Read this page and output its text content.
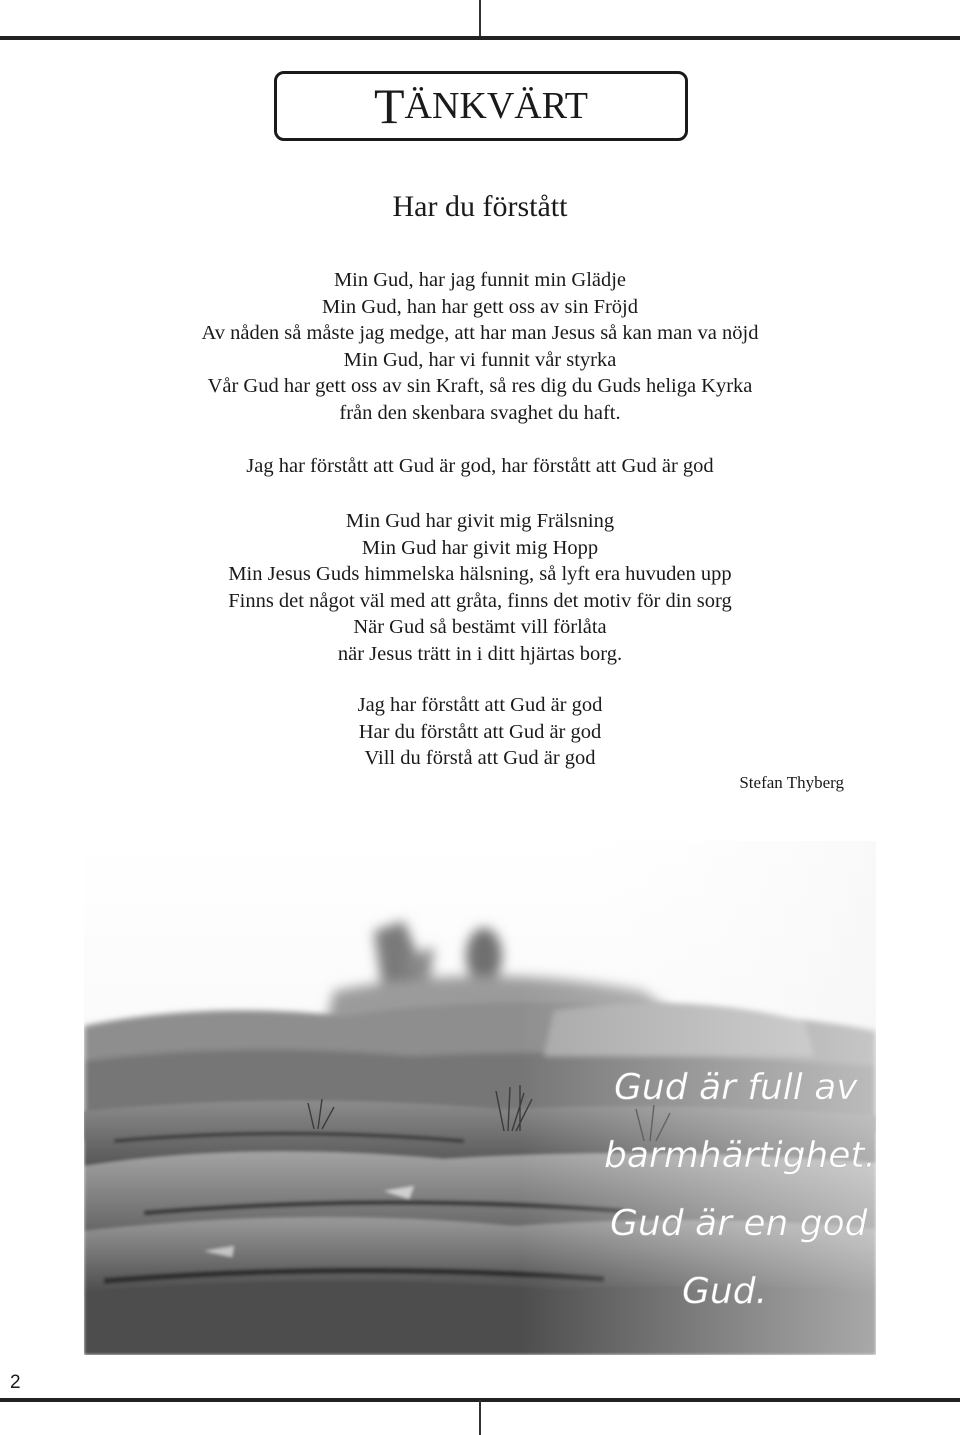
T ÄNKVÄRT
Har du förstått
Min Gud, har jag funnit min Glädje
Min Gud, han har gett oss av sin Fröjd
Av nåden så måste jag medge, att har man Jesus så kan man va nöjd
Min Gud, har vi funnit vår styrka
Vår Gud har gett oss av sin Kraft, så res dig du Guds heliga Kyrka
från den skenbara svaghet du haft.
Jag har förstått att Gud är god, har förstått att Gud är god
Min Gud har givit mig Frälsning
Min Gud har givit mig Hopp
Min Jesus Guds himmelska hälsning, så lyft era huvuden upp
Finns det något väl med att gråta, finns det motiv för din sorg
När Gud så bestämt vill förlåta
när Jesus trätt in i ditt hjärtas borg.
Jag har förstått att Gud är god
Har du förstått att Gud är god
Vill du förstå att Gud är god
Stefan Thyberg
Gud är full av
barmhärtighet.
Gud är en god
Gud.
2
